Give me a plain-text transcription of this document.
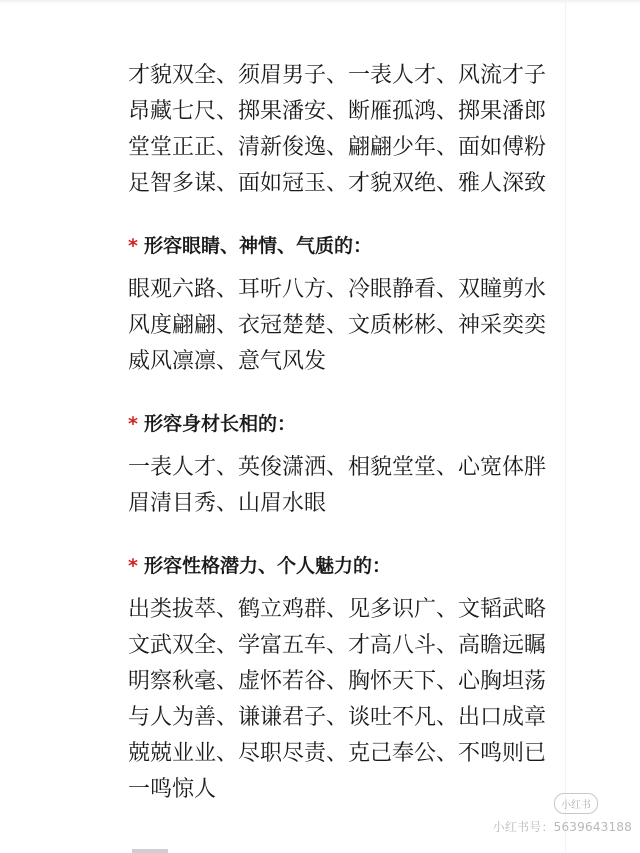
才貌双全、须眉男子、一表人才、风流才子
昂藏七尺、掷果潘安、断雁孤鸿、掷果潘郎
堂堂正正、清新俊逸、翩翩少年、面如傅粉
足智多谋、面如冠玉、才貌双绝、雅人深致
* 形容眼睛、神情、气质的：
眼观六路、耳听八方、冷眼静看、双瞳剪水
风度翩翩、衣冠楚楚、文质彬彬、神采奕奕
威风凛凛、意气风发
* 形容身材长相的：
一表人才、英俊潇洒、相貌堂堂、心宽体胖
眉清目秀、山眉水眼
* 形容性格潜力、个人魅力的：
出类拔萃、鹤立鸡群、见多识广、文韬武略
文武双全、学富五车、才高八斗、高瞻远瞩
明察秋毫、虚怀若谷、胸怀天下、心胸坦荡
与人为善、谦谦君子、谈吐不凡、出口成章
兢兢业业、尽职尽责、克己奉公、不鸣则已
一鸣惊人
小红书
小红书号：5639643188
